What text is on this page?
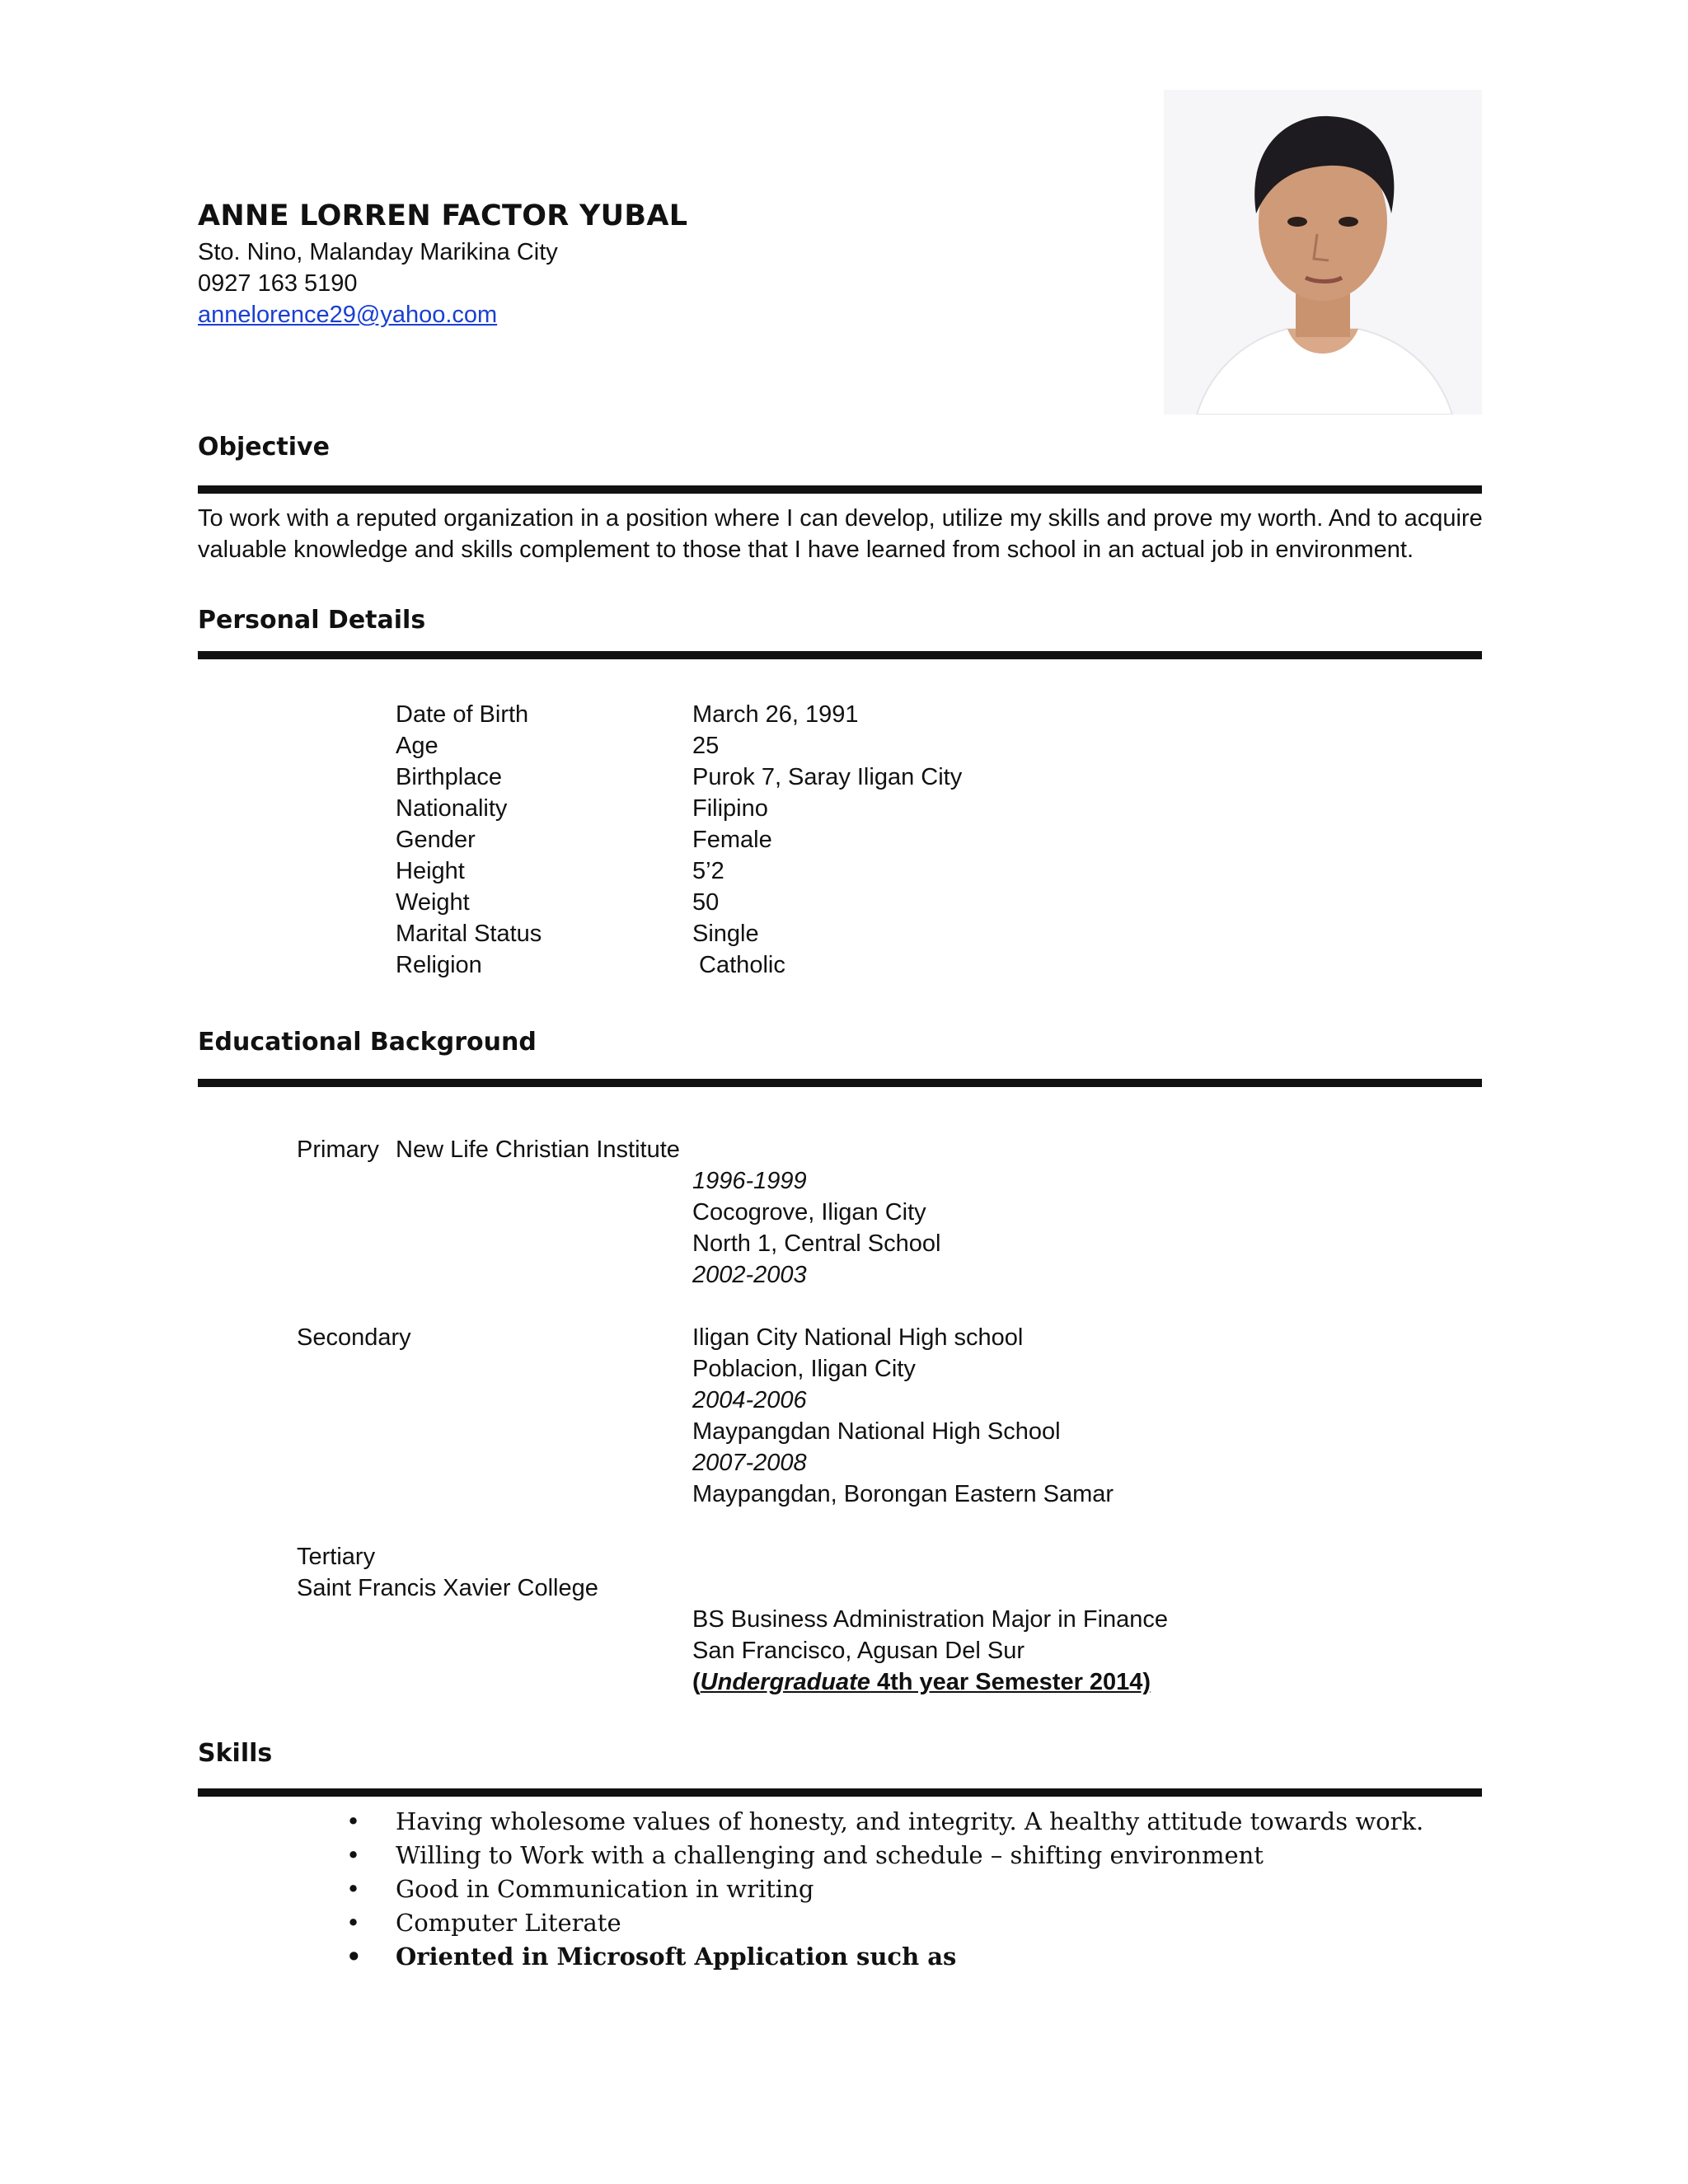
ANNE LORREN FACTOR YUBAL
Sto. Nino, Malanday Marikina City
0927 163 5190
annelorence29@yahoo.com
Objective
To work with a reputed organization in a position where I can develop, utilize my skills and prove my worth. And to acquire
valuable knowledge and skills complement to those that I have learned from school in an actual job in environment.
Personal Details
Date of Birth	March 26, 1991
Age	25
Birthplace	Purok 7, Saray Iligan City
Nationality	Filipino
Gender	Female
Height	5’2
Weight	50
Marital Status	Single
Religion	Catholic
Educational Background
Primary New Life Christian Institute
1996-1999
Cocogrove, Iligan City
North 1, Central School
2002-2003
Secondary	Iligan City National High school
Poblacion, Iligan City
2004-2006
Maypangdan National High School
2007-2008
Maypangdan, Borongan Eastern Samar
Tertiary
Saint Francis Xavier College
BS Business Administration Major in Finance
San Francisco, Agusan Del Sur
(Undergraduate 4th year Semester 2014)
Skills
• Having wholesome values of honesty, and integrity. A healthy attitude towards work.
• Willing to Work with a challenging and schedule – shifting environment
• Good in Communication in writing
• Computer Literate
• Oriented in Microsoft Application such as
